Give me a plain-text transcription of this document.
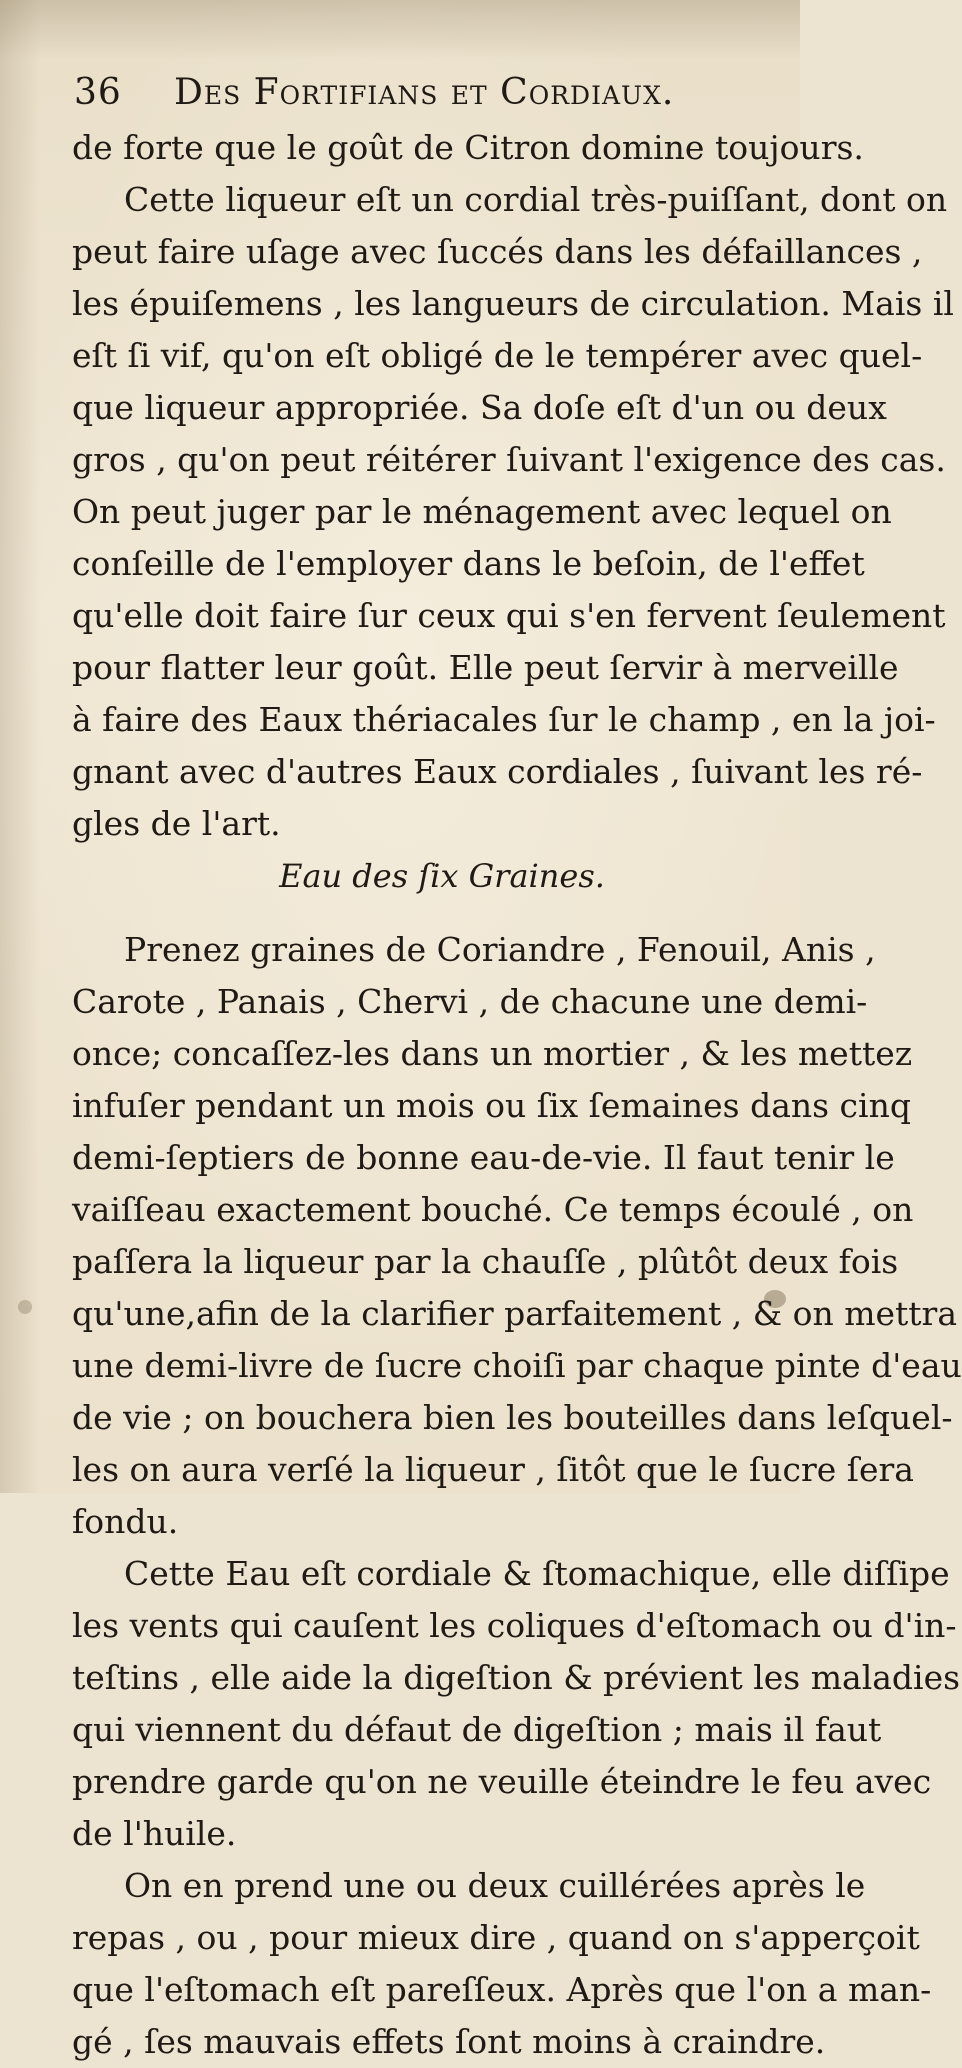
36 Des Fortifians et Cordiaux.
de forte que le goût de Citron domine toujours.
Cette liqueur eſt un cordial très-puiſſant, dont on
peut faire uſage avec ſuccés dans les défaillances ,
les épuiſemens , les langueurs de circulation. Mais il
eſt ſi vif, qu'on eſt obligé de le tempérer avec quel-
que liqueur appropriée. Sa doſe eſt d'un ou deux
gros , qu'on peut réitérer ſuivant l'exigence des cas.
On peut juger par le ménagement avec lequel on
conſeille de l'employer dans le beſoin, de l'effet
qu'elle doit faire ſur ceux qui s'en fervent ſeulement
pour flatter leur goût. Elle peut ſervir à merveille
à faire des Eaux thériacales ſur le champ , en la joi-
gnant avec d'autres Eaux cordiales , ſuivant les ré-
gles de l'art.
Eau des ſix Graines.
Prenez graines de Coriandre , Fenouil, Anis ,
Carote , Panais , Chervi , de chacune une demi-
once; concaſſez-les dans un mortier , & les mettez
infuſer pendant un mois ou ſix ſemaines dans cinq
demi-ſeptiers de bonne eau-de-vie. Il faut tenir le
vaiſſeau exactement bouché. Ce temps écoulé , on
paſſera la liqueur par la chauſſe , plûtôt deux fois
qu'une,afin de la clarifier parfaitement , & on mettra
une demi-livre de ſucre choiſi par chaque pinte d'eau
de vie ; on bouchera bien les bouteilles dans leſquel-
les on aura verſé la liqueur , ſitôt que le ſucre ſera
fondu.
Cette Eau eſt cordiale & ſtomachique, elle diſſipe
les vents qui cauſent les coliques d'eſtomach ou d'in-
teſtins , elle aide la digeſtion & prévient les maladies
qui viennent du défaut de digeſtion ; mais il faut
prendre garde qu'on ne veuille éteindre le feu avec
de l'huile.
On en prend une ou deux cuillérées après le
repas , ou , pour mieux dire , quand on s'apperçoit
que l'eſtomach eſt pareſſeux. Après que l'on a man-
gé , ſes mauvais effets ſont moins à craindre.
